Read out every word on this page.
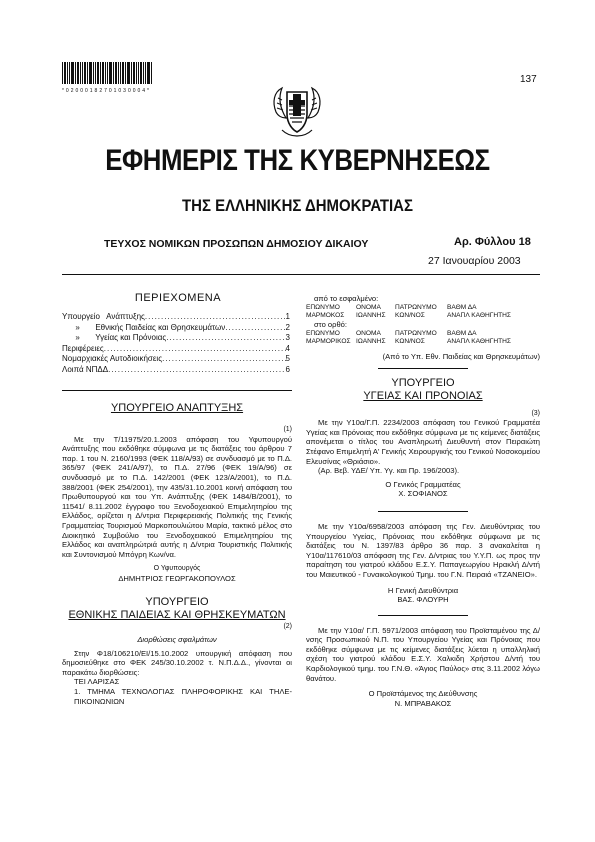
* 0 2 0 0 0 1 8 2 7 0 1 0 3 0 0 0 4 *
137
ΕΦΗΜΕΡΙΣ ΤΗΣ ΚΥΒΕΡΝΗΣΕΩΣ
ΤΗΣ ΕΛΛΗΝΙΚΗΣ ΔΗΜΟΚΡΑΤΙΑΣ
ΤΕΥΧΟΣ ΝΟΜΙΚΩΝ ΠΡΟΣΩΠΩΝ ΔΗΜΟΣΙΟΥ ΔΙΚΑΙΟΥ	Αρ. Φύλλου 18
27 Ιανουαρίου 2003
ΠΕΡΙΕΧΟΜΕΝΑ
Υπουργείο   Ανάπτυξης .....	1
»       Εθνικής Παιδείας και Θρησκευμάτων .....	2
»       Υγείας και Πρόνοιας .....	3
Περιφέρειες .....	4
Νομαρχιακές Αυτοδιοικήσεις .....	5
Λοιπά ΝΠΔΔ .....	6
ΥΠΟΥΡΓΕΙΟ ΑΝΑΠΤΥΞΗΣ
(1)
Με την Τ/11975/20.1.2003 απόφαση του Υφυπουργού Ανάπτυξης που εκδόθηκε σύμφωνα με τις διατάξεις του άρθρου 7 παρ. 1 του Ν. 2160/1993 (ΦΕΚ 118/Α/93) σε συνδυασμό με το Π.Δ. 365/97 (ΦΕΚ 241/Α/97), το Π.Δ. 27/96 (ΦΕΚ 19/Α/96) σε συνδυασμό με το Π.Δ. 142/2001 (ΦΕΚ 123/Α/2001), το Π.Δ. 388/2001 (ΦΕΚ 254/2001), την 435/31.10.2001 κοινή απόφαση του Πρωθυπουργού και του Υπ. Ανάπτυξης (ΦΕΚ 1484/Β/2001), το 11541/ 8.11.2002 έγγραφο του Ξενοδοχειακού Επιμελητηρίου της Ελλάδος, ορίζεται η Δ/ντρια Περιφερειακής Πολιτικής της Γενικής Γραμματείας Τουρισμού Μαρκοπουλιώτου Μαρία, τακτικό μέλος στο Διοικητικό Συμβούλιο του Ξενοδοχειακού Επιμελητηρίου της Ελλάδος και αναπληρώτριά αυτής η Δ/ντρια Τουριστικής Πολιτικής και Συντονισμού Μπόγρη Κων/να.
Ο Υφυπουργός
ΔΗΜΗΤΡΙΟΣ ΓΕΩΡΓΑΚΟΠΟΥΛΟΣ
ΥΠΟΥΡΓΕΙΟ
ΕΘΝΙΚΗΣ ΠΑΙΔΕΙΑΣ ΚΑΙ ΘΡΗΣΚΕΥΜΑΤΩΝ
(2)
Διορθώσεις σφαλμάτων
Στην Φ18/106210/ΕΙ/15.10.2002 υπουργική απόφαση που δημοσιεύθηκε στο ΦΕΚ 245/30.10.2002 τ. Ν.Π.Δ.Δ., γίνονται οι παρακάτω διορθώσεις:
ΤΕΙ ΛΑΡΙΣΑΣ
1. ΤΜΗΜΑ ΤΕΧΝΟΛΟΓΙΑΣ ΠΛΗΡΟΦΟΡΙΚΗΣ ΚΑΙ ΤΗΛΕ-ΠΙΚΟΙΝΩΝΙΩΝ
από το εσφαλμένο:
ΕΠΩΝΥΜΟ	ΟΝΟΜΑ	ΠΑΤΡΩΝΥΜΟ	ΒΑΘΜ ΔΑ
ΜΑΡΜΟΚΟΣ	ΙΩΑΝΝΗΣ	ΚΩΝ/ΝΟΣ	ΑΝΑΠΛ ΚΑΘΗΓΗΤΗΣ
στο ορθό:
ΕΠΩΝΥΜΟ	ΟΝΟΜΑ	ΠΑΤΡΩΝΥΜΟ	ΒΑΘΜ ΔΑ
ΜΑΡΜΟΡΙΚΟΣ ΙΩΑΝΝΗΣ	ΚΩΝ/ΝΟΣ	ΑΝΑΠΛ ΚΑΘΗΓΗΤΗΣ
(Από το Υπ. Εθν. Παιδείας και Θρησκευμάτων)
ΥΠΟΥΡΓΕΙΟ
ΥΓΕΙΑΣ ΚΑΙ ΠΡΟΝΟΙΑΣ
(3)
Με την Υ10α/Γ.Π. 2234/2003 απόφαση του Γενικού Γραμματέα Υγείας και Πρόνοιας που εκδόθηκε σύμφωνα με τις κείμενες διατάξεις απονέμεται ο τίτλος του Αναπληρωτή Διευθυντή στον Πειραιώτη Στέφανο Επιμελητή Α' Γενικής Χειρουργικής του Γενικού Νοσοκομείου Ελευσίνας «Θριάσιο».
(Αρ. Βεβ. ΥΔΕ/ Υπ. Υγ. και Πρ. 196/2003).
Ο Γενικός Γραμματέας
Χ. ΣΟΦΙΑΝΟΣ
Με την Υ10α/6958/2003 απόφαση της Γεν. Διευθύντριας του Υπουργείου Υγείας, Πρόνοιας που εκδόθηκε σύμφωνα με τις διατάξεις του Ν. 1397/83 άρθρο 36 παρ. 3 ανακαλείται η Υ10α/117610/03 απόφαση της Γεν. Δ/ντριας του Υ.Υ.Π. ως προς την παραίτηση του γιατρού κλάδου Ε.Σ.Υ. Παπαγεωργίου Ηρακλή Δ/ντή του Μαιευτικού - Γυναικολογικού Τμημ. του Γ.Ν. Πειραιά «ΤΖΑΝΕΙΟ».
Η Γενική Διευθύντρια
ΒΑΣ. ΦΛΟΥΡΗ
Με την Υ10α/ Γ.Π. 5971/2003 απόφαση του Προϊσταμένου της Δ/νσης Προσωπικού Ν.Π. του Υπουργείου Υγείας και Πρόνοιας που εκδόθηκε σύμφωνα με τις κείμενες διατάξεις λύεται η υπαλληλική σχέση του γιατρού κλάδου Ε.Σ.Υ. Χαλκιδη Χρήστου Δ/ντή του Καρδιολογικού τμημ. του Γ.Ν.Θ. «Άγιος Παύλος» στις 3.11.2002 λόγω θανάτου.
Ο Προϊστάμενος της Διεύθυνσης
Ν. ΜΠΡΑΒΑΚΟΣ
